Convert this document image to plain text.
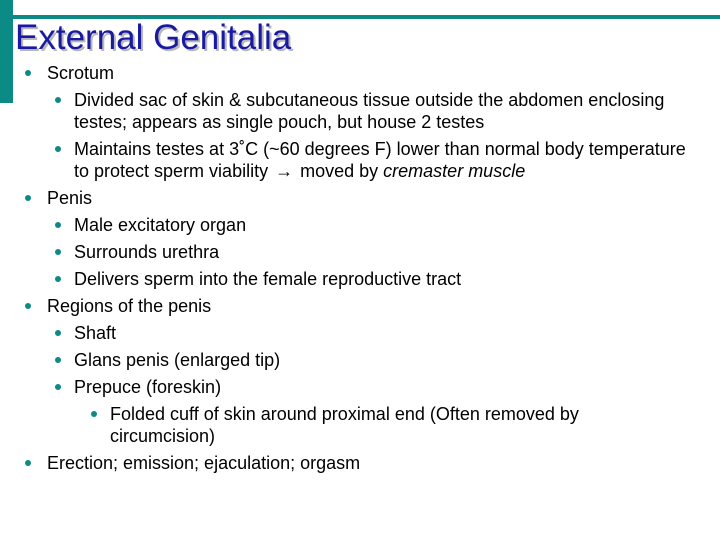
External Genitalia
Scrotum
Divided sac of skin & subcutaneous tissue outside the abdomen enclosing testes; appears as single pouch, but house 2 testes
Maintains testes at 3˚C (~60 degrees F) lower than normal body temperature to protect sperm viability → moved by cremaster muscle
Penis
Male excitatory organ
Surrounds urethra
Delivers sperm into the female reproductive tract
Regions of the penis
Shaft
Glans penis (enlarged tip)
Prepuce (foreskin)
Folded cuff of skin around proximal end (Often removed by circumcision)
Erection; emission; ejaculation; orgasm
